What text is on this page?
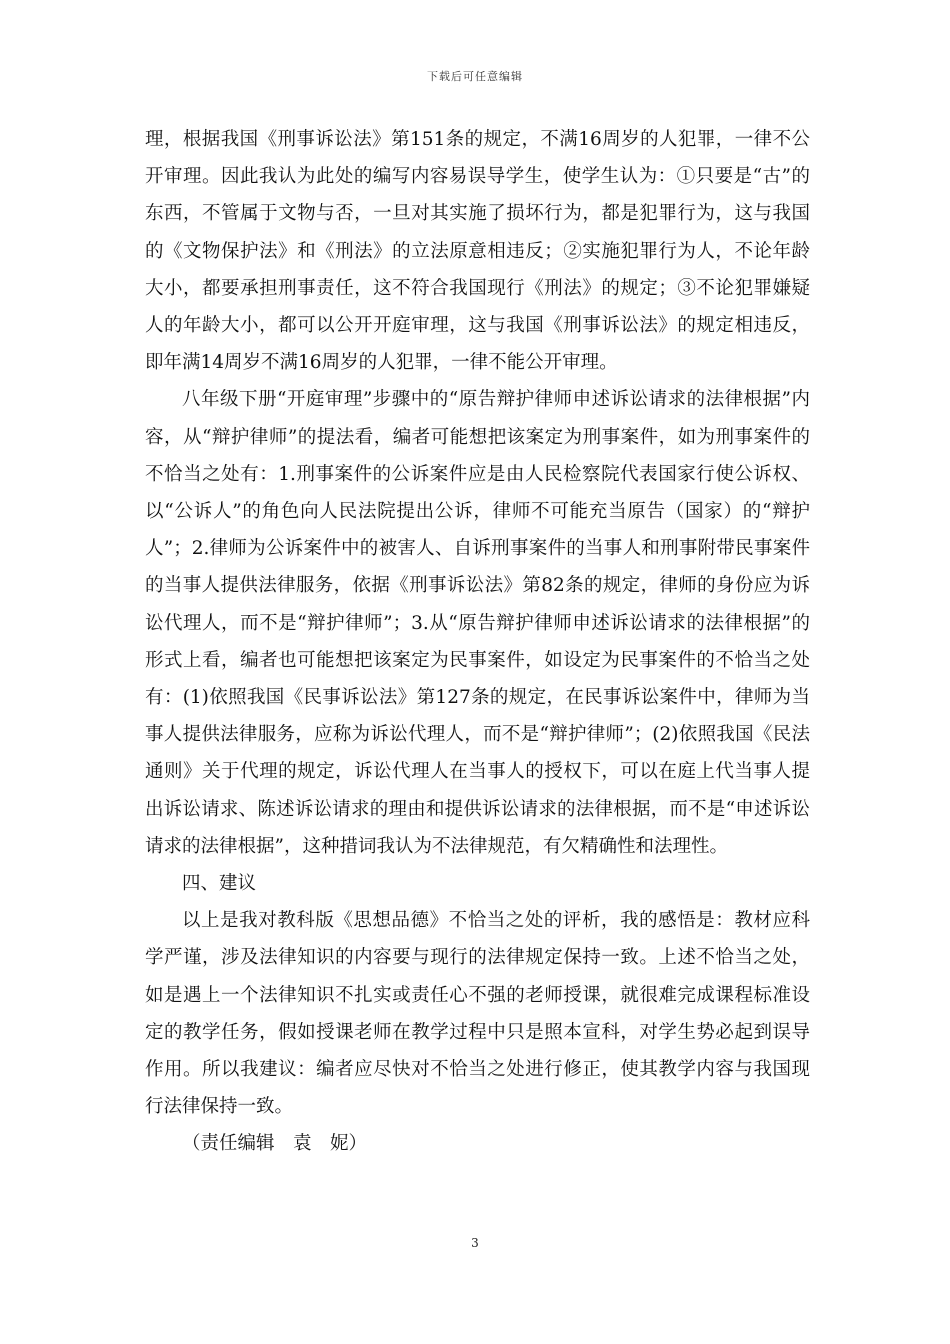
下载后可任意编辑

理，根据我国《刑事诉讼法》第151条的规定，不满16周岁的人犯罪，一律不公开审理。因此我认为此处的编写内容易误导学生，使学生认为：①只要是“古”的东西，不管属于文物与否，一旦对其实施了损坏行为，都是犯罪行为，这与我国的《文物保护法》和《刑法》的立法原意相违反；②实施犯罪行为人，不论年龄大小，都要承担刑事责任，这不符合我国现行《刑法》的规定；③不论犯罪嫌疑人的年龄大小，都可以公开开庭审理，这与我国《刑事诉讼法》的规定相违反，即年满14周岁不满16周岁的人犯罪，一律不能公开审理。

八年级下册“开庭审理”步骤中的“原告辩护律师申述诉讼请求的法律根据”内容，从“辩护律师”的提法看，编者可能想把该案定为刑事案件，如为刑事案件的不恰当之处有：1.刑事案件的公诉案件应是由人民检察院代表国家行使公诉权、以“公诉人”的角色向人民法院提出公诉，律师不可能充当原告（国家）的“辩护人”；2.律师为公诉案件中的被害人、自诉刑事案件的当事人和刑事附带民事案件的当事人提供法律服务，依据《刑事诉讼法》第82条的规定，律师的身份应为诉讼代理人，而不是“辩护律师”；3.从“原告辩护律师申述诉讼请求的法律根据”的形式上看，编者也可能想把该案定为民事案件，如设定为民事案件的不恰当之处有：(1)依照我国《民事诉讼法》第127条的规定，在民事诉讼案件中，律师为当事人提供法律服务，应称为诉讼代理人，而不是“辩护律师”；(2)依照我国《民法通则》关于代理的规定，诉讼代理人在当事人的授权下，可以在庭上代当事人提出诉讼请求、陈述诉讼请求的理由和提供诉讼请求的法律根据，而不是“申述诉讼请求的法律根据”，这种措词我认为不法律规范，有欠精确性和法理性。

四、建议

以上是我对教科版《思想品德》不恰当之处的评析，我的感悟是：教材应科学严谨，涉及法律知识的内容要与现行的法律规定保持一致。上述不恰当之处，如是遇上一个法律知识不扎实或责任心不强的老师授课，就很难完成课程标准设定的教学任务，假如授课老师在教学过程中只是照本宣科，对学生势必起到误导作用。所以我建议：编者应尽快对不恰当之处进行修正，使其教学内容与我国现行法律保持一致。

（责任编辑　袁　妮）

3
